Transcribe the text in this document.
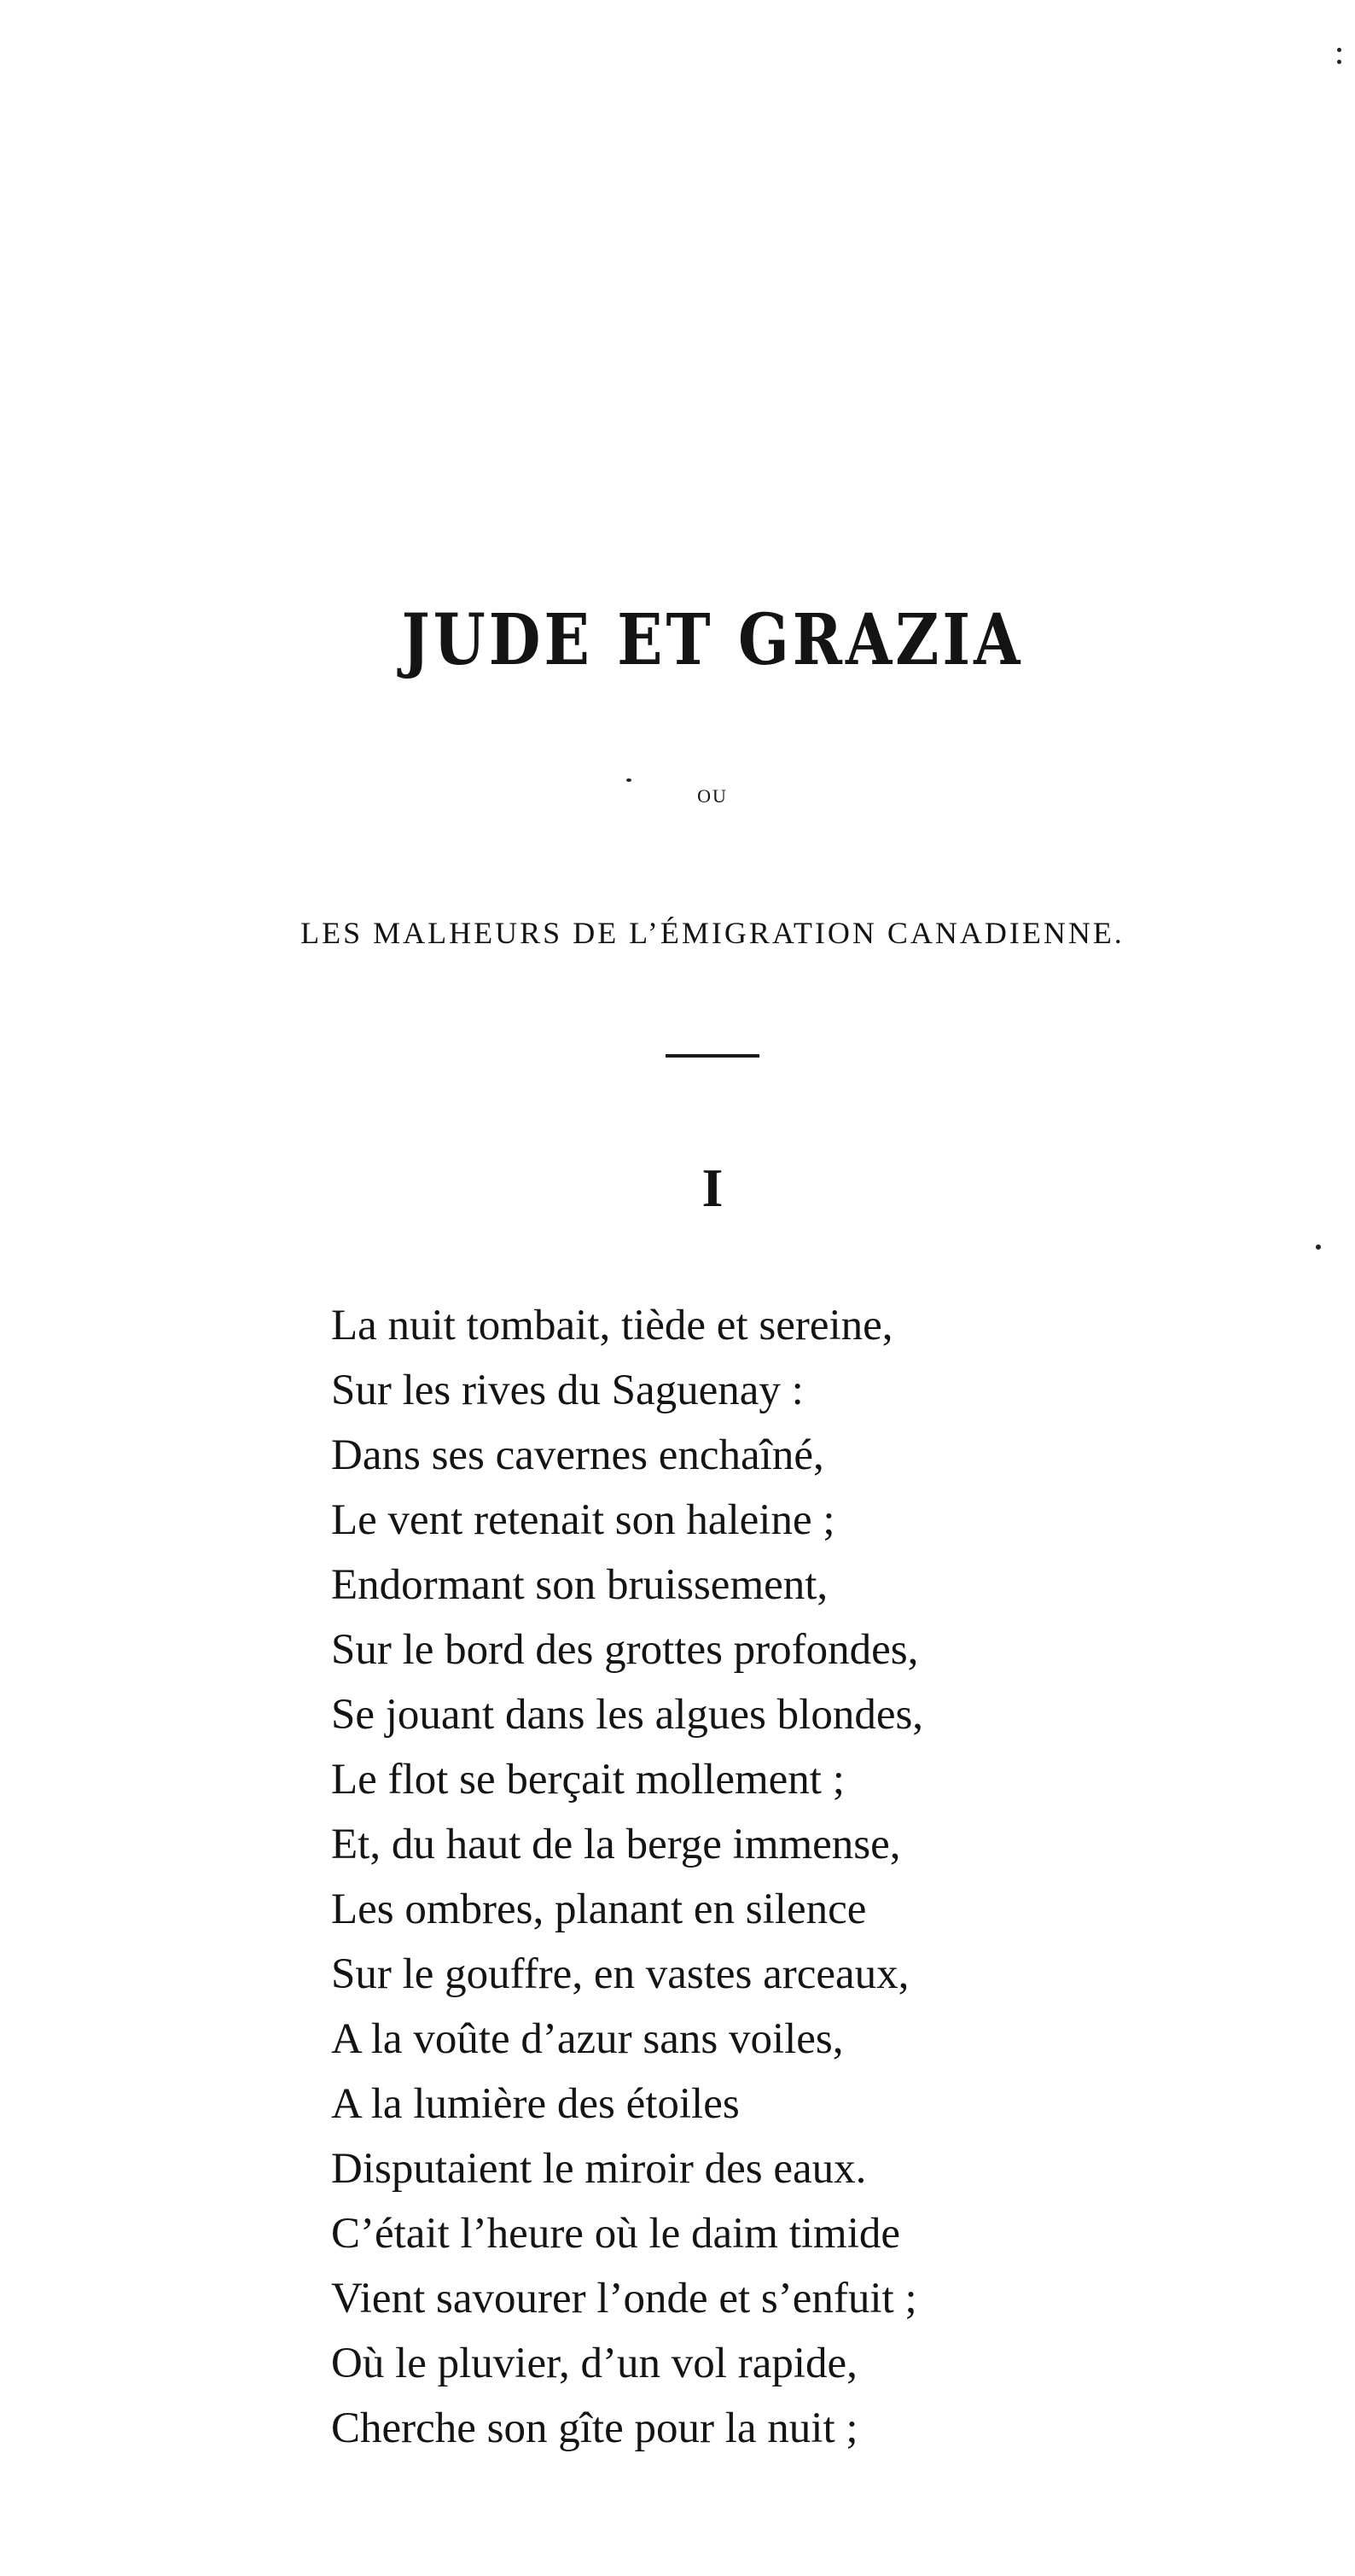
JUDE ET GRAZIA
ou
LES MALHEURS DE L’ÉMIGRATION CANADIENNE.
I
La nuit tombait, tiède et sereine,
Sur les rives du Saguenay :
Dans ses cavernes enchaîné,
Le vent retenait son haleine ;
Endormant son bruissement,
Sur le bord des grottes profondes,
Se jouant dans les algues blondes,
Le flot se berçait mollement ;
Et, du haut de la berge immense,
Les ombres, planant en silence
Sur le gouffre, en vastes arceaux,
A la voûte d’azur sans voiles,
A la lumière des étoiles
Disputaient le miroir des eaux.
C’était l’heure où le daim timide
Vient savourer l’onde et s’enfuit ;
Où le pluvier, d’un vol rapide,
Cherche son gîte pour la nuit ;
